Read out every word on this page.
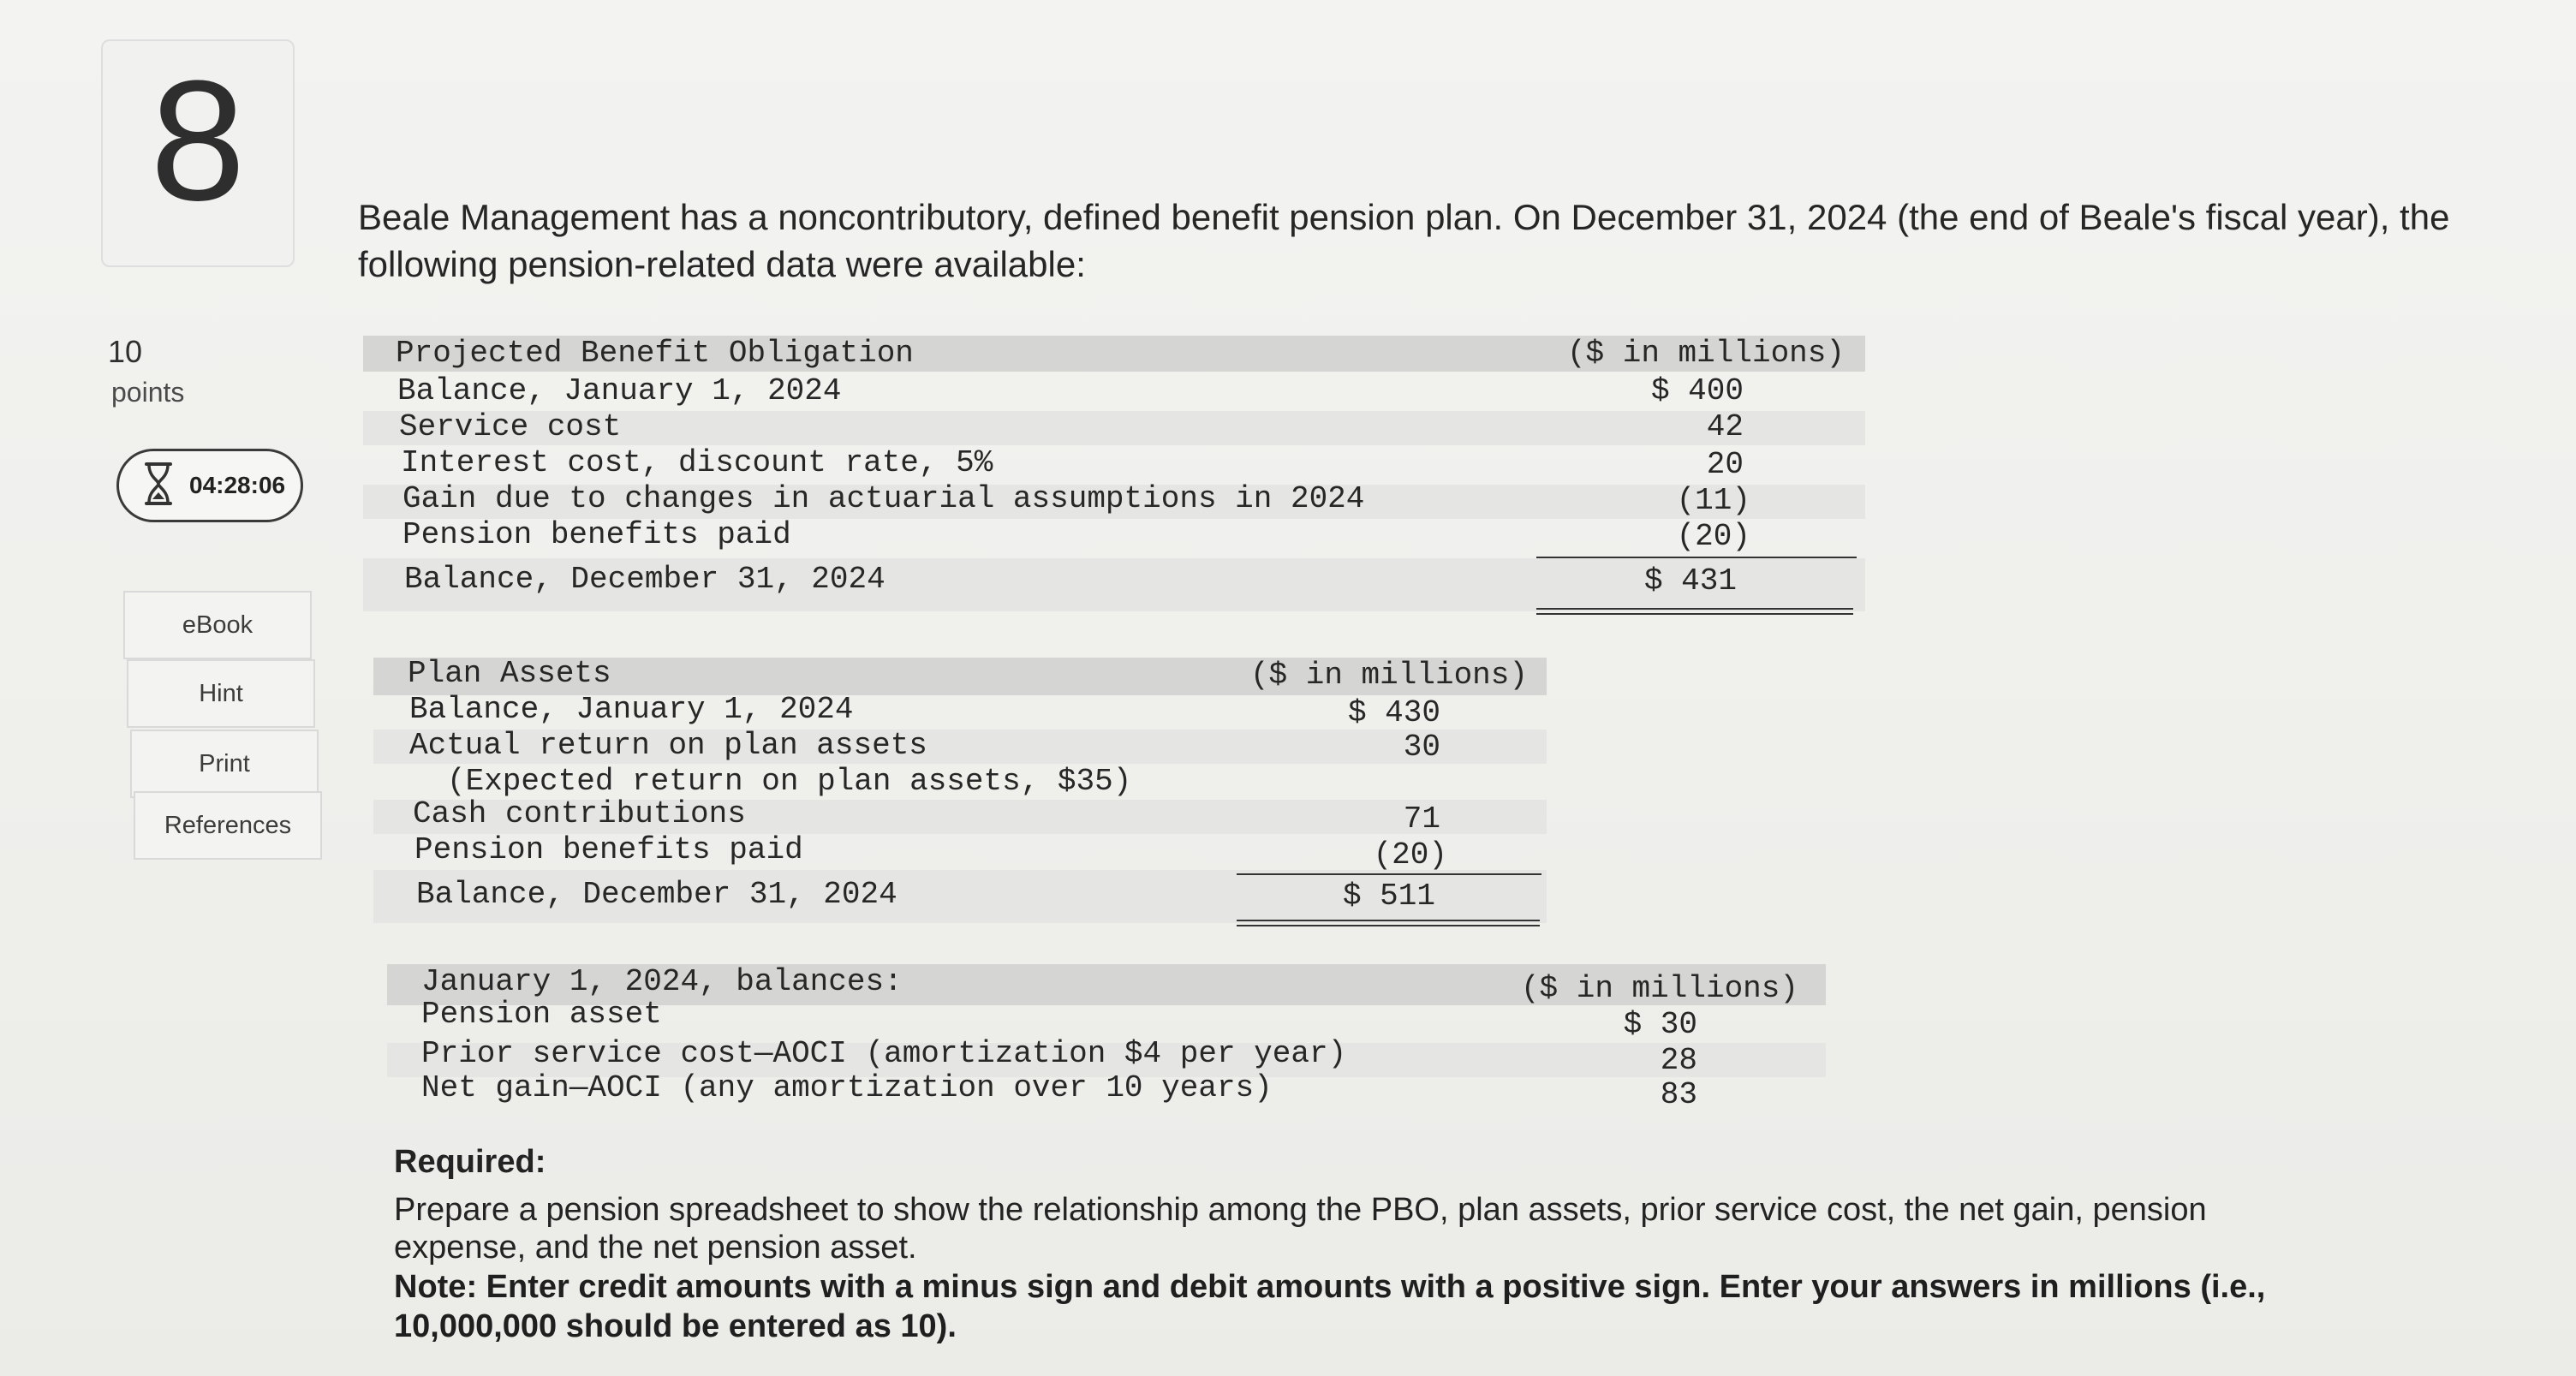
8
10
points
04:28:06
eBook
Hint
Print
References
Beale Management has a noncontributory, defined benefit pension plan. On December 31, 2024 (the end of Beale's fiscal year), the
following pension-related data were available:
Projected Benefit Obligation	($ in millions)
Balance, January 1, 2024	$ 400
Service cost	42
Interest cost, discount rate, 5%	20
Gain due to changes in actuarial assumptions in 2024	(11)
Pension benefits paid	(20)
Balance, December 31, 2024	$ 431
Plan Assets	($ in millions)
Balance, January 1, 2024	$ 430
Actual return on plan assets	30
(Expected return on plan assets, $35)
Cash contributions	71
Pension benefits paid	(20)
Balance, December 31, 2024	$ 511
January 1, 2024, balances:	($ in millions)
Pension asset	$ 30
Prior service cost—AOCI (amortization $4 per year)	28
Net gain—AOCI (any amortization over 10 years)	83
Required:
Prepare a pension spreadsheet to show the relationship among the PBO, plan assets, prior service cost, the net gain, pension
expense, and the net pension asset.
Note: Enter credit amounts with a minus sign and debit amounts with a positive sign. Enter your answers in millions (i.e.,
10,000,000 should be entered as 10).
